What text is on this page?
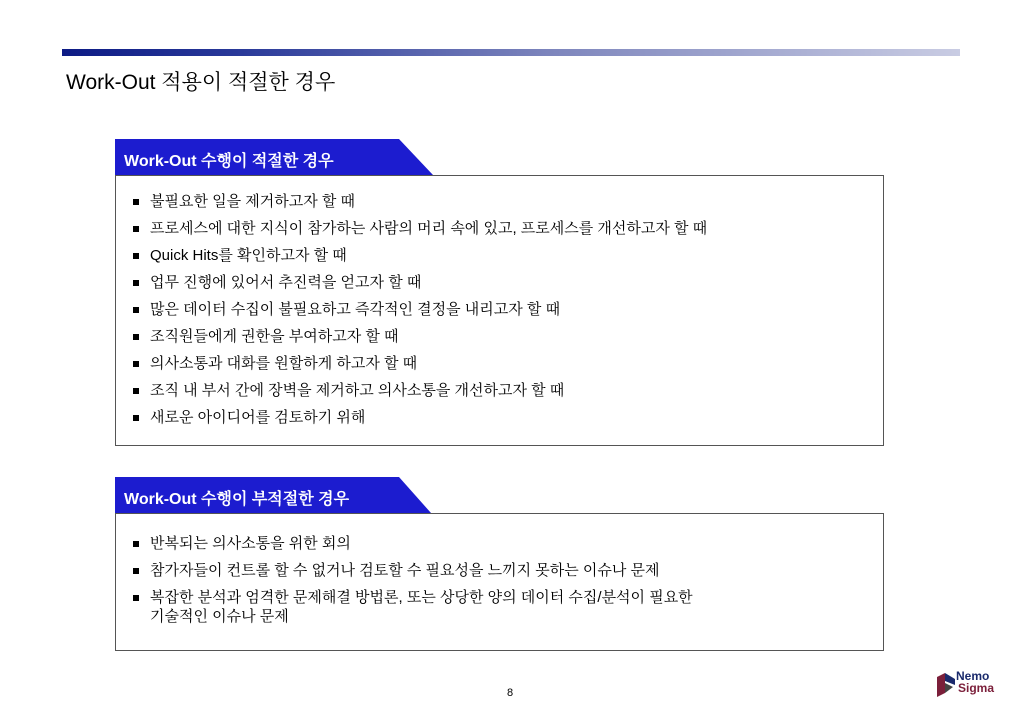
Work-Out 적용이 적절한 경우
Work-Out 수행이 적절한 경우
불필요한 일을 제거하고자 할 때
프로세스에 대한 지식이 참가하는 사람의 머리 속에 있고, 프로세스를 개선하고자 할 때
Quick Hits를 확인하고자 할 때
업무 진행에 있어서 추진력을 얻고자 할 때
많은 데이터 수집이 불필요하고 즉각적인 결정을 내리고자 할 때
조직원들에게 권한을 부여하고자 할 때
의사소통과 대화를 원할하게 하고자 할 때
조직 내 부서 간에 장벽을 제거하고 의사소통을 개선하고자 할 때
새로운 아이디어를 검토하기 위해
Work-Out 수행이 부적절한 경우
반복되는 의사소통을 위한 회의
참가자들이 컨트롤 할 수 없거나 검토할 수 필요성을 느끼지 못하는 이슈나 문제
복잡한 분석과 엄격한 문제해결 방법론, 또는 상당한 양의 데이터 수집/분석이 필요한
기술적인 이슈나 문제
8
Nemo
Sigma
